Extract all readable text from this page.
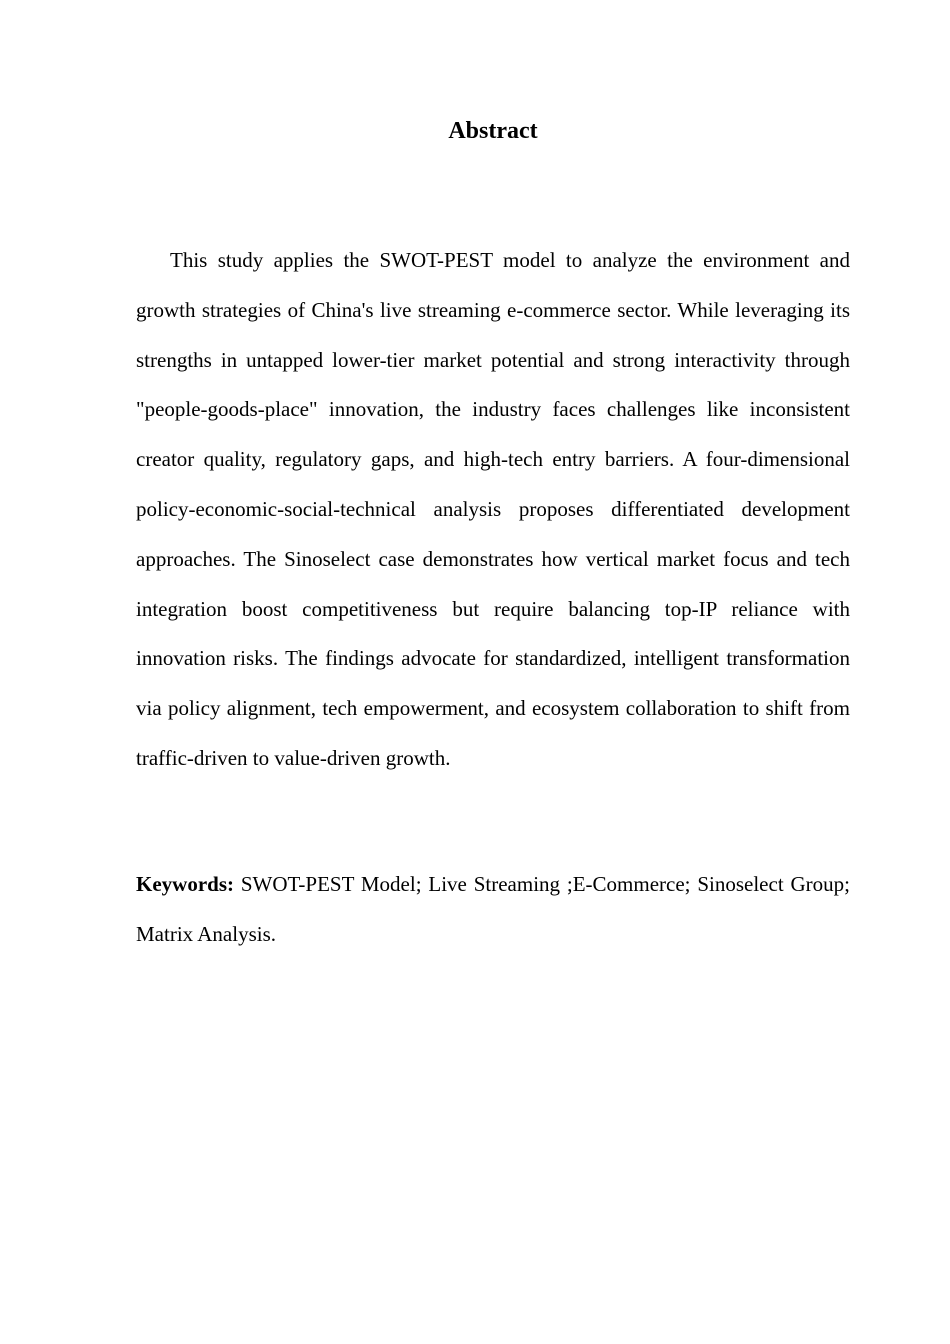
Abstract

This study applies the SWOT-PEST model to analyze the environment and growth strategies of China's live streaming e-commerce sector. While leveraging its strengths in untapped lower-tier market potential and strong interactivity through "people-goods-place" innovation, the industry faces challenges like inconsistent creator quality, regulatory gaps, and high-tech entry barriers. A four-dimensional policy-economic-social-technical analysis proposes differentiated development approaches. The Sinoselect case demonstrates how vertical market focus and tech integration boost competitiveness but require balancing top-IP reliance with innovation risks. The findings advocate for standardized, intelligent transformation via policy alignment, tech empowerment, and ecosystem collaboration to shift from traffic-driven to value-driven growth.

Keywords: SWOT-PEST Model; Live Streaming ;E-Commerce; Sinoselect Group; Matrix Analysis.
